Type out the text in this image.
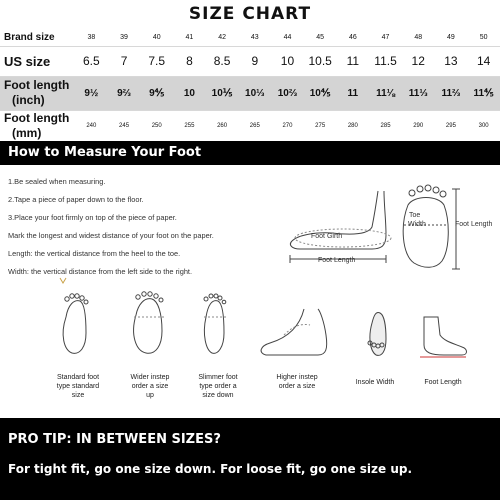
SIZE CHART
Brand size	38	39	40	41	42	43	44	45	46	47	48	49	50
US size	6.5	7	7.5	8	8.5	9	10	10.5	11	11.5	12	13	14

Foot length
(inch)	9½	9⅔	9⅘	10	10⅕	10⅓	10⅔	10⅘	11	11⅛	11⅓	11⅔	11⅘

Foot length
(mm)	240	245	250	255	260	265	270	275	280	285	290	295	300
How to Measure Your Foot
1.Be sealed when measuring.
2.Tape a piece of paper down to the floor.
3.Place your foot firmly on top of the piece of paper.
Mark the longest and widest distance of your foot on the paper.
Length: the vertical distance from the heel to the toe.
Width: the vertical distance from the left side to the right.
Foot Girth
Foot Length
Toe
Width	Foot Length
Standard foot
type standard
size
Wider instep
order a size
up
Slimmer foot
type order a
size down
Higher instep
order a size
Insole Width	Foot Length
PRO TIP: IN BETWEEN SIZES?
For tight fit, go one size down. For loose fit, go one size up.
